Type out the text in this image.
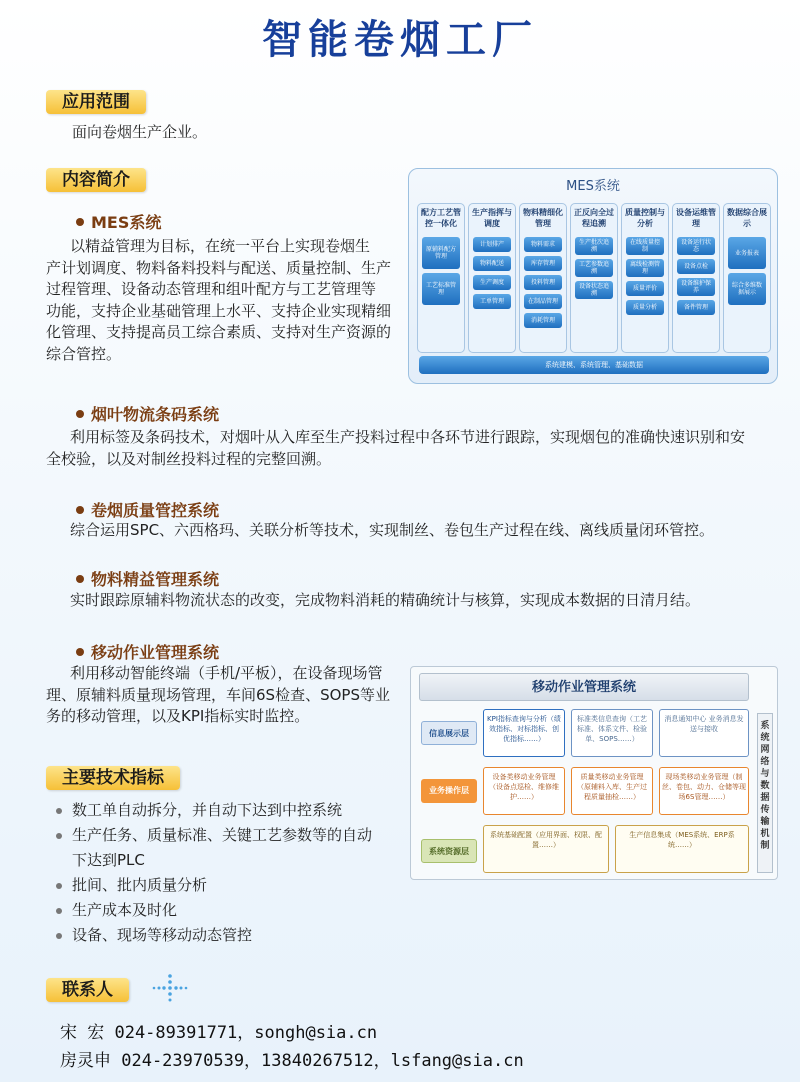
智能卷烟工厂
应用范围
面向卷烟生产企业。
内容简介
MES系统
以精益管理为目标，在统一平台上实现卷烟生
产计划调度、物料备料投料与配送、质量控制、生产
过程管理、设备动态管理和组叶配方与工艺管理等
功能，支持企业基础管理上水平、支持企业实现精细
化管理、支持提高员工综合素质、支持对生产资源的
综合管控。
MES系统
配方工艺管控一体化
原辅料配方管理
工艺标准管理
生产指挥与调度
计划排产
物料配送
生产调度
工单管理
物料精细化管理
物料需求
库存管理
投料管理
在制品管理
消耗管理
正反向全过程追溯
生产批次追溯
工艺参数追溯
设备状态追溯
质量控制与分析
在线质量控制
离线检测管理
质量评价
质量分析
设备运维管理
设备运行状态
设备点检
设备维护保养
备件管理
数据综合展示
业务报表
综合多维数据展示
系统建模、系统管理、基础数据
烟叶物流条码系统
利用标签及条码技术，对烟叶从入库至生产投料过程中各环节进行跟踪，实现烟包的准确快速识别和安
全校验，以及对制丝投料过程的完整回溯。
卷烟质量管控系统
综合运用SPC、六西格玛、关联分析等技术，实现制丝、卷包生产过程在线、离线质量闭环管控。
物料精益管理系统
实时跟踪原辅料物流状态的改变，完成物料消耗的精确统计与核算，实现成本数据的日清月结。
移动作业管理系统
利用移动智能终端（手机/平板），在设备现场管
理、原辅料质量现场管理，车间6S检查、SOPS等业
务的移动管理，以及KPI指标实时监控。
移动作业管理系统
信息展示层
KPI指标查询与分析（绩效指标、对标指标、创优指标……）
标准类信息查询（工艺标准、体系文件、检验单、SOPS……）
消息通知中心 业务消息发送与接收
业务操作层
设备类移动业务管理（设备点巡检、维修维护……）
质量类移动业务管理（原辅料入库、生产过程质量抽检……）
现场类移动业务管理（制丝、卷包、动力、仓储等现场6S管理……）
系统资源层
系统基础配置（应用界面、权限、配置……）
生产信息集成（MES系统、ERP系统……）
系统网络与数据传输机制
主要技术指标
数工单自动拆分，并自动下达到中控系统
生产任务、质量标准、关键工艺参数等的自动
下达到PLC
批间、批内质量分析
生产成本及时化
设备、现场等移动动态管控
联系人
宋 宏 024-89391771，songh@sia.cn
房灵申 024-23970539，13840267512，lsfang@sia.cn
